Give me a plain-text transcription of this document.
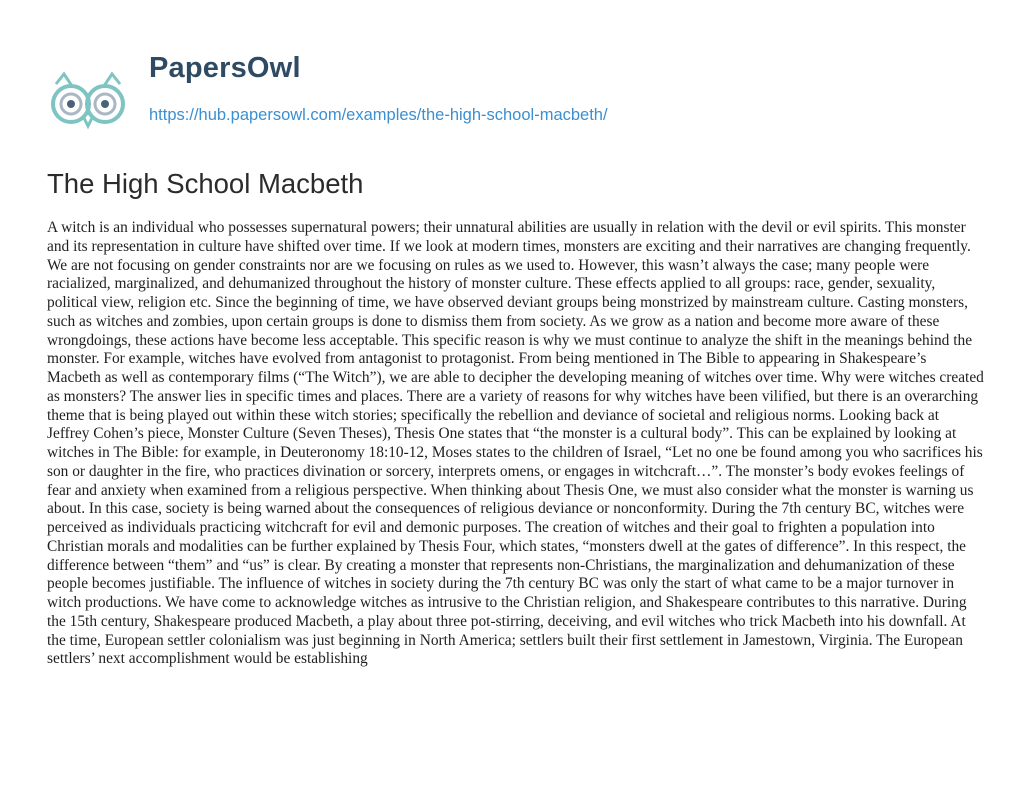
PapersOwl
https://hub.papersowl.com/examples/the-high-school-macbeth/
The High School Macbeth

A witch is an individual who possesses supernatural powers; their unnatural abilities are usually in relation with the devil or evil spirits. This monster and its representation in culture have shifted over time. If we look at modern times, monsters are exciting and their narratives are changing frequently. We are not focusing on gender constraints nor are we focusing on rules as we used to. However, this wasn’t always the case; many people were racialized, marginalized, and dehumanized throughout the history of monster culture. These effects applied to all groups: race, gender, sexuality, political view, religion etc. Since the beginning of time, we have observed deviant groups being monstrized by mainstream culture. Casting monsters, such as witches and zombies, upon certain groups is done to dismiss them from society. As we grow as a nation and become more aware of these wrongdoings, these actions have become less acceptable. This specific reason is why we must continue to analyze the shift in the meanings behind the monster. For example, witches have evolved from antagonist to protagonist. From being mentioned in The Bible to appearing in Shakespeare’s Macbeth as well as contemporary films (“The Witch”), we are able to decipher the developing meaning of witches over time. Why were witches created as monsters? The answer lies in specific times and places. There are a variety of reasons for why witches have been vilified, but there is an overarching theme that is being played out within these witch stories; specifically the rebellion and deviance of societal and religious norms. Looking back at Jeffrey Cohen’s piece, Monster Culture (Seven Theses), Thesis One states that “the monster is a cultural body”. This can be explained by looking at witches in The Bible: for example, in Deuteronomy 18:10-12, Moses states to the children of Israel, “Let no one be found among you who sacrifices his son or daughter in the fire, who practices divination or sorcery, interprets omens, or engages in witchcraft…”. The monster’s body evokes feelings of fear and anxiety when examined from a religious perspective. When thinking about Thesis One, we must also consider what the monster is warning us about. In this case, society is being warned about the consequences of religious deviance or nonconformity. During the 7th century BC, witches were perceived as individuals practicing witchcraft for evil and demonic purposes. The creation of witches and their goal to frighten a population into Christian morals and modalities can be further explained by Thesis Four, which states, “monsters dwell at the gates of difference”. In this respect, the difference between “them” and “us” is clear. By creating a monster that represents non-Christians, the marginalization and dehumanization of these people becomes justifiable. The influence of witches in society during the 7th century BC was only the start of what came to be a major turnover in witch productions. We have come to acknowledge witches as intrusive to the Christian religion, and Shakespeare contributes to this narrative. During the 15th century, Shakespeare produced Macbeth, a play about three pot-stirring, deceiving, and evil witches who trick Macbeth into his downfall. At the time, European settler colonialism was just beginning in North America; settlers built their first settlement in Jamestown, Virginia. The European settlers’ next accomplishment would be establishing
